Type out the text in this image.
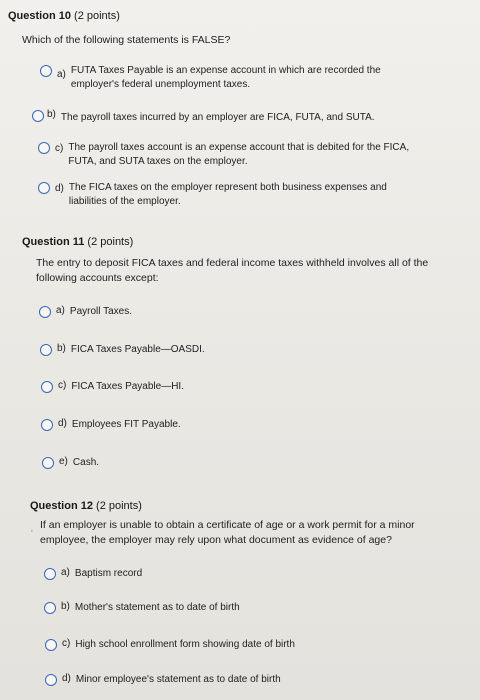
Question 10 (2 points)
Which of the following statements is FALSE?
a) FUTA Taxes Payable is an expense account in which are recorded the
employer's federal unemployment taxes.
b) The payroll taxes incurred by an employer are FICA, FUTA, and SUTA.
c) The payroll taxes account is an expense account that is debited for the FICA,
FUTA, and SUTA taxes on the employer.
d) The FICA taxes on the employer represent both business expenses and
liabilities of the employer.
Question 11 (2 points)
The entry to deposit FICA taxes and federal income taxes withheld involves all of the
following accounts except:
a) Payroll Taxes.
b) FICA Taxes Payable—OASDI.
c) FICA Taxes Payable—HI.
d) Employees FIT Payable.
e) Cash.
Question 12 (2 points)
’
If an employer is unable to obtain a certificate of age or a work permit for a minor
employee, the employer may rely upon what document as evidence of age?
a) Baptism record
b) Mother's statement as to date of birth
c) High school enrollment form showing date of birth
d) Minor employee's statement as to date of birth
